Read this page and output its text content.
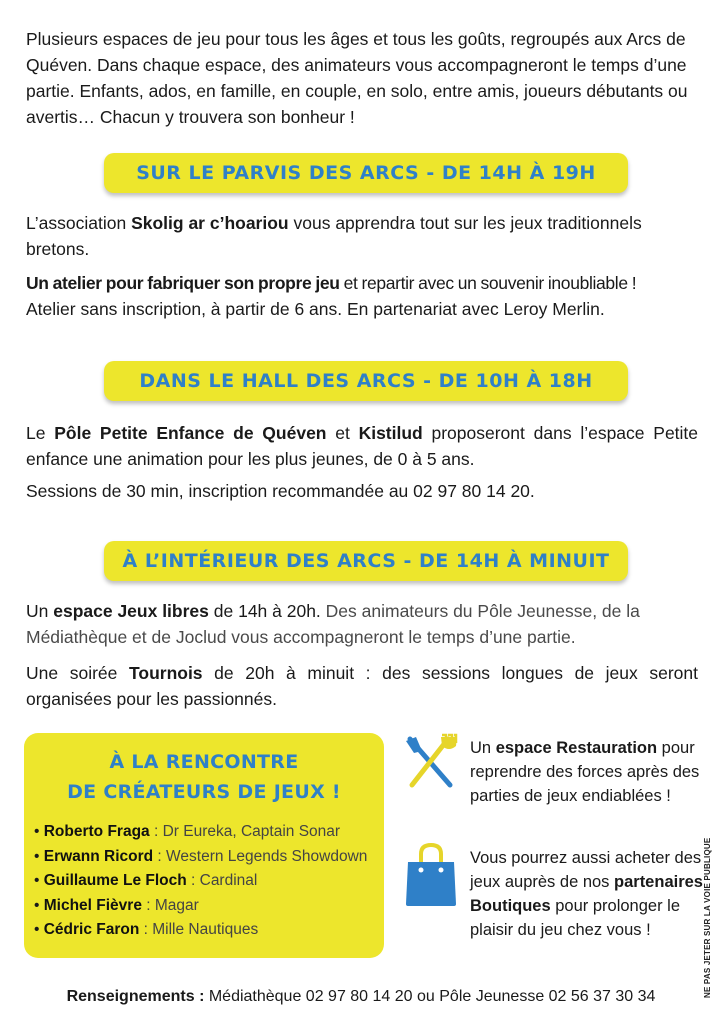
Plusieurs espaces de jeu pour tous les âges et tous les goûts, regroupés aux Arcs de Quéven. Dans chaque espace, des animateurs vous accompagneront le temps d’une partie. Enfants, ados, en famille, en couple, en solo, entre amis, joueurs débutants ou avertis… Chacun y trouvera son bonheur !

SUR LE PARVIS DES ARCS - DE 14H À 19H

L’association Skolig ar c’hoariou vous apprendra tout sur les jeux traditionnels bretons.

Un atelier pour fabriquer son propre jeu et repartir avec un souvenir inoubliable !

Atelier sans inscription, à partir de 6 ans. En partenariat avec Leroy Merlin.

DANS LE HALL DES ARCS - DE 10H À 18H

Le Pôle Petite Enfance de Quéven et Kistilud proposeront dans l’espace Petite enfance une animation pour les plus jeunes, de 0 à 5 ans.

Sessions de 30 min, inscription recommandée au 02 97 80 14 20.

À L’INTÉRIEUR DES ARCS - DE 14H À MINUIT

Un espace Jeux libres de 14h à 20h. Des animateurs du Pôle Jeunesse, de la Médiathèque et de Joclud vous accompagneront le temps d’une partie.

Une soirée Tournois de 20h à minuit : des sessions longues de jeux seront organisées pour les passionnés.

À LA RENCONTRE
DE CRÉATEURS DE JEUX !
• Roberto Fraga : Dr Eureka, Captain Sonar
• Erwann Ricord : Western Legends Showdown
• Guillaume Le Floch : Cardinal
• Michel Fièvre : Magar
• Cédric Faron : Mille Nautiques

Un espace Restauration pour reprendre des forces après des parties de jeux endiablées !

Vous pourrez aussi acheter des jeux auprès de nos partenaires Boutiques pour prolonger le plaisir du jeu chez vous !	NE PAS JETER SUR LA VOIE PUBLIQUE
Renseignements : Médiathèque 02 97 80 14 20 ou Pôle Jeunesse 02 56 37 30 34
